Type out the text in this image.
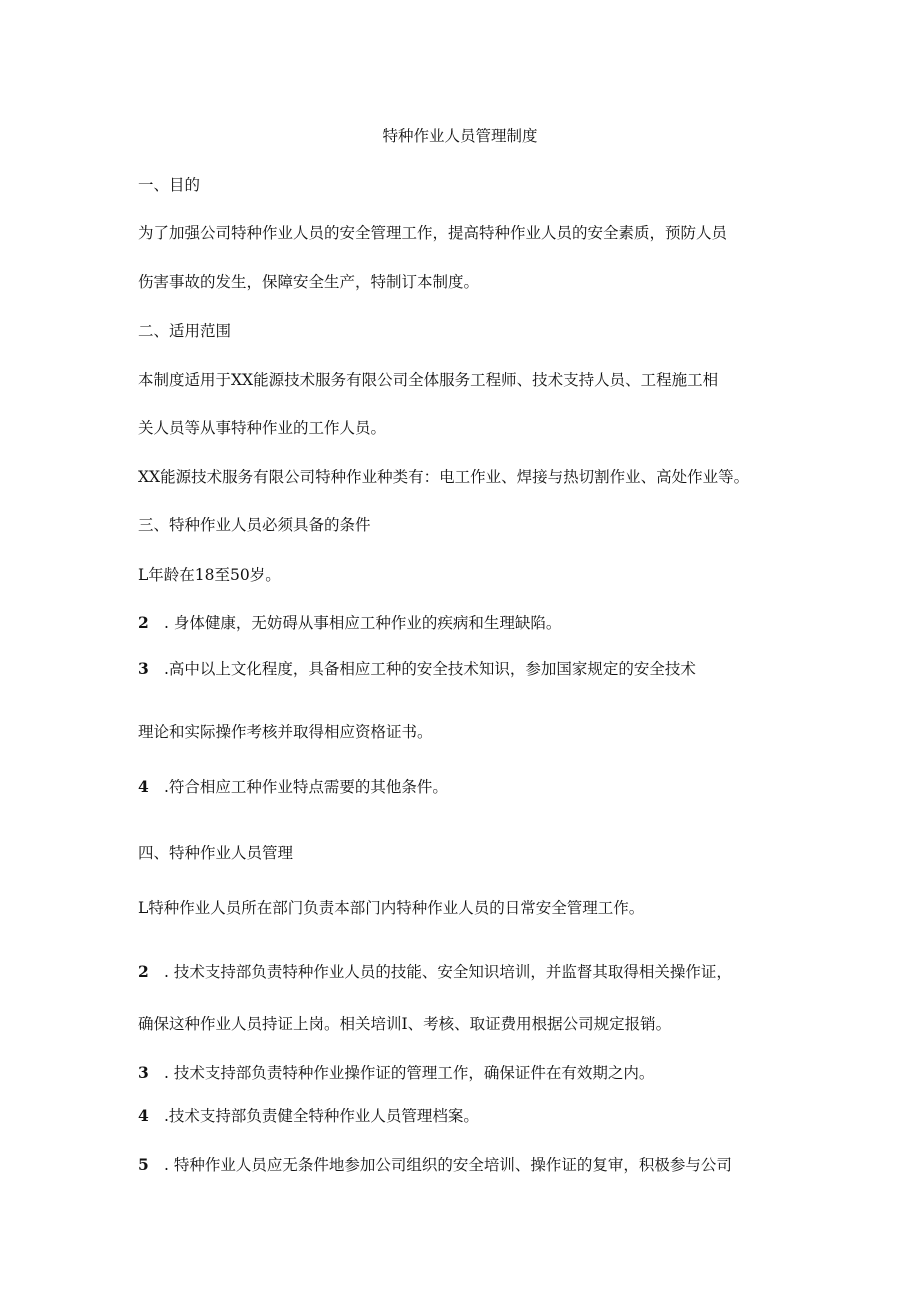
特种作业人员管理制度

一、目的

为了加强公司特种作业人员的安全管理工作，提高特种作业人员的安全素质，预防人员

伤害事故的发生，保障安全生产，特制订本制度。

二、适用范围

本制度适用于XX能源技术服务有限公司全体服务工程师、技术支持人员、工程施工相

关人员等从事特种作业的工作人员。

XX能源技术服务有限公司特种作业种类有：电工作业、焊接与热切割作业、高处作业等。

三、特种作业人员必须具备的条件

L年龄在18至50岁。

2 . 身体健康，无妨碍从事相应工种作业的疾病和生理缺陷。

3 .高中以上文化程度，具备相应工种的安全技术知识，参加国家规定的安全技术

理论和实际操作考核并取得相应资格证书。

4 .符合相应工种作业特点需要的其他条件。

四、特种作业人员管理

L特种作业人员所在部门负责本部门内特种作业人员的日常安全管理工作。

2 . 技术支持部负责特种作业人员的技能、安全知识培训，并监督其取得相关操作证，

确保这种作业人员持证上岗。相关培训I、考核、取证费用根据公司规定报销。

3 . 技术支持部负责特种作业操作证的管理工作，确保证件在有效期之内。

4 .技术支持部负责健全特种作业人员管理档案。

5 . 特种作业人员应无条件地参加公司组织的安全培训、操作证的复审，积极参与公司
